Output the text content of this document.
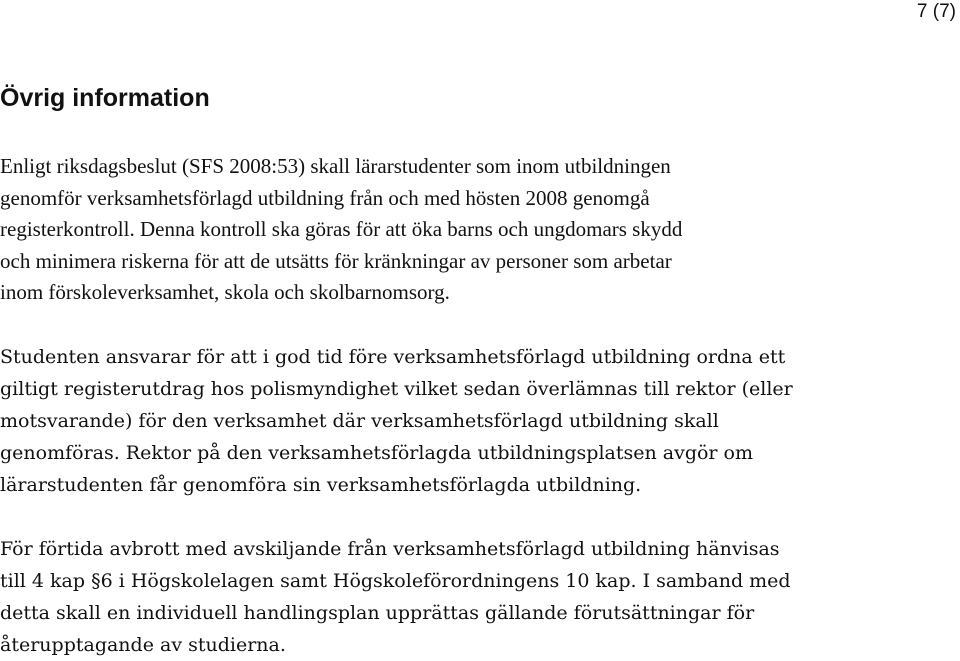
7 (7)
Övrig information

Enligt riksdagsbeslut (SFS 2008:53) skall lärarstudenter som inom utbildningen
genomför verksamhetsförlagd utbildning från och med hösten 2008 genomgå
registerkontroll. Denna kontroll ska göras för att öka barns och ungdomars skydd
och minimera riskerna för att de utsätts för kränkningar av personer som arbetar
inom förskoleverksamhet, skola och skolbarnomsorg.

Studenten ansvarar för att i god tid före verksamhetsförlagd utbildning ordna ett
giltigt registerutdrag hos polismyndighet vilket sedan överlämnas till rektor (eller
motsvarande) för den verksamhet där verksamhetsförlagd utbildning skall
genomföras. Rektor på den verksamhetsförlagda utbildningsplatsen avgör om
lärarstudenten får genomföra sin verksamhetsförlagda utbildning.

För förtida avbrott med avskiljande från verksamhetsförlagd utbildning hänvisas
till 4 kap §6 i Högskolelagen samt Högskoleförordningens 10 kap. I samband med
detta skall en individuell handlingsplan upprättas gällande förutsättningar för
återupptagande av studierna.
